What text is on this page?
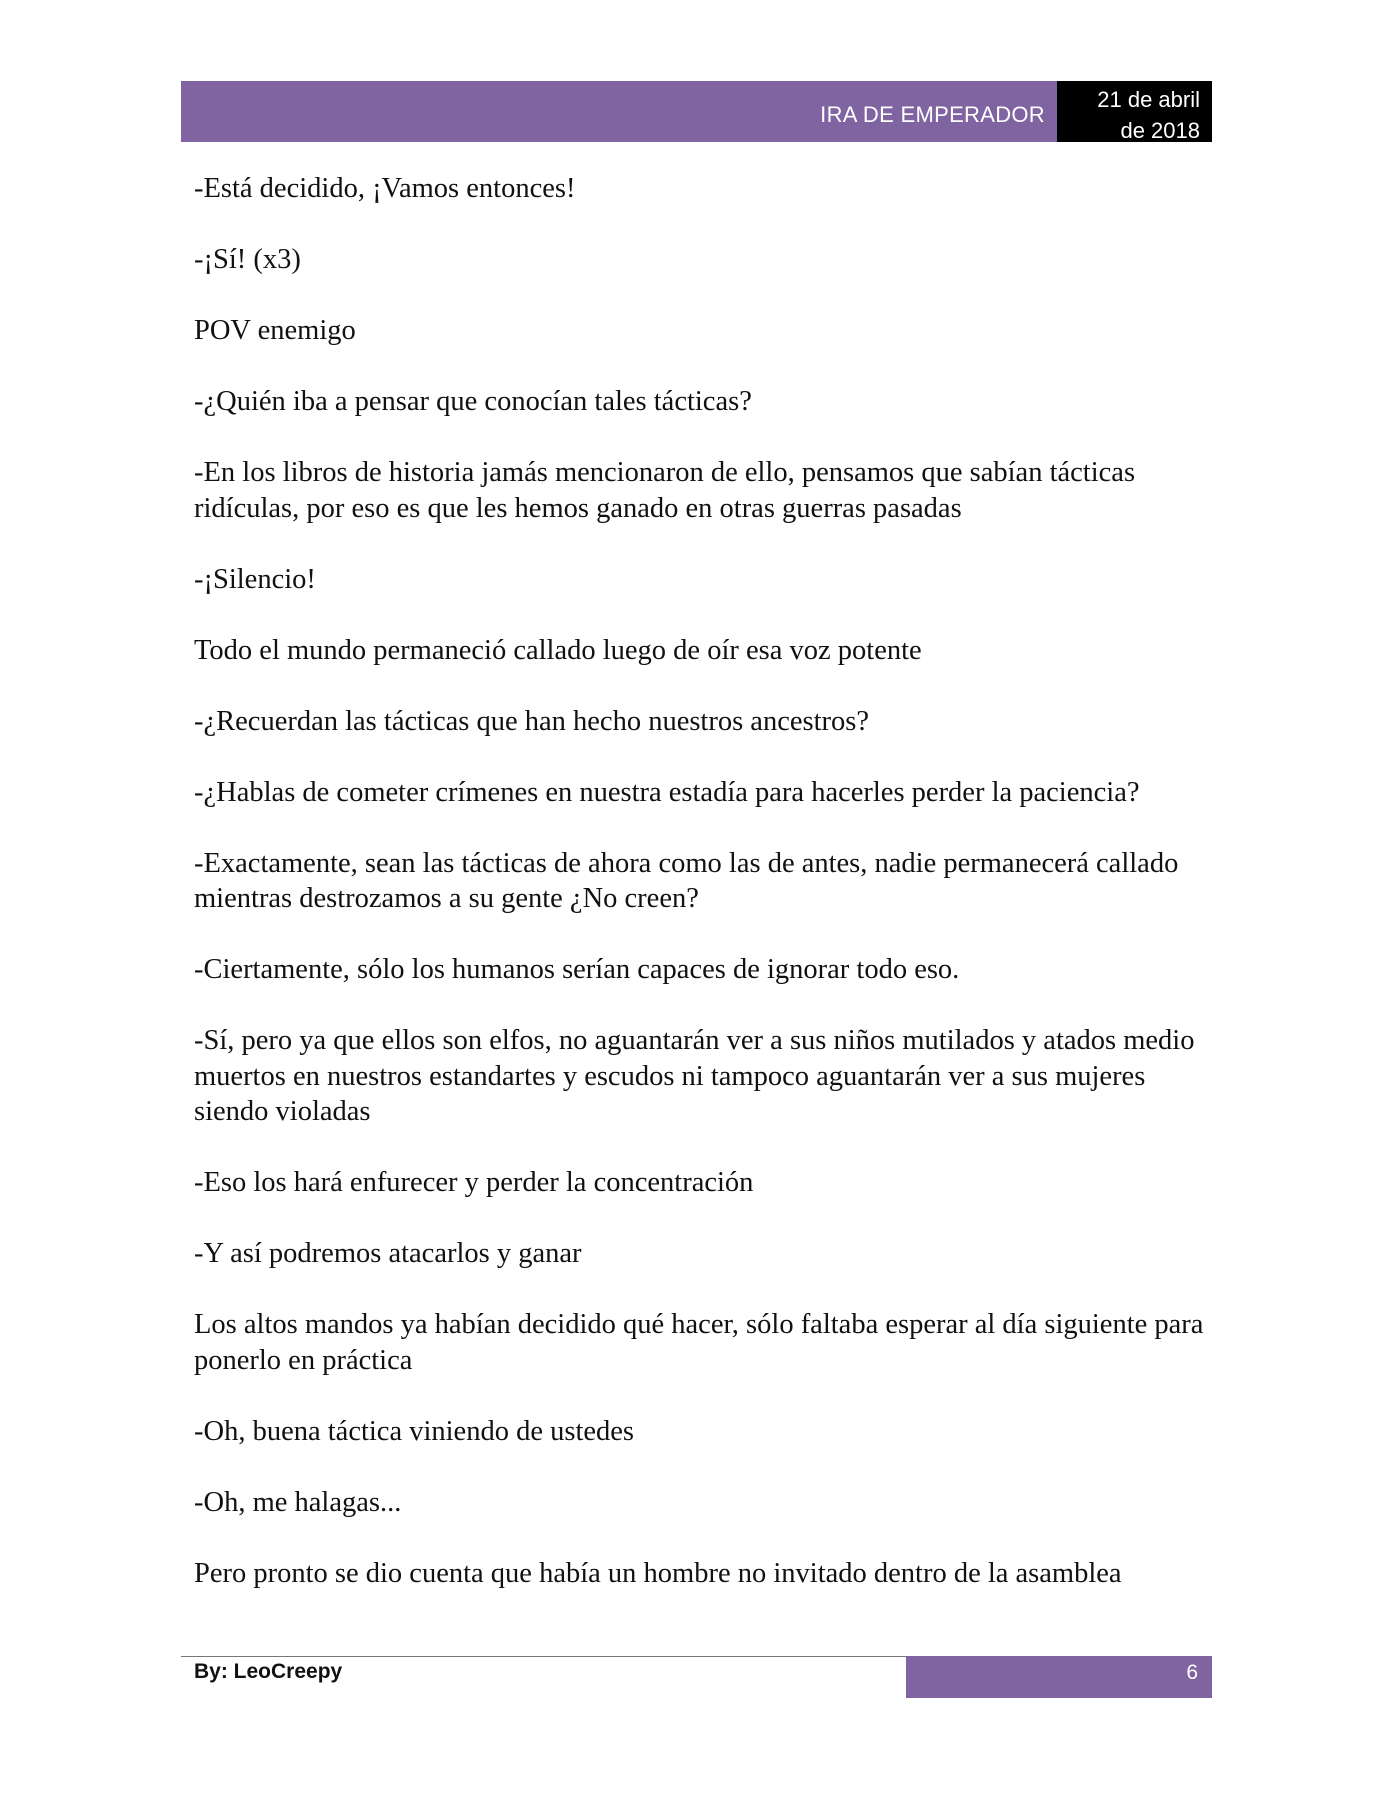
IRA DE EMPERADOR
21 de abril
de 2018

-Está decidido, ¡Vamos entonces!

-¡Sí! (x3)

POV enemigo

-¿Quién iba a pensar que conocían tales tácticas?

-En los libros de historia jamás mencionaron de ello, pensamos que sabían tácticas ridículas, por eso es que les hemos ganado en otras guerras pasadas

-¡Silencio!

Todo el mundo permaneció callado luego de oír esa voz potente

-¿Recuerdan las tácticas que han hecho nuestros ancestros?

-¿Hablas de cometer crímenes en nuestra estadía para hacerles perder la paciencia?

-Exactamente, sean las tácticas de ahora como las de antes, nadie permanecerá callado mientras destrozamos a su gente ¿No creen?

-Ciertamente, sólo los humanos serían capaces de ignorar todo eso.

-Sí, pero ya que ellos son elfos, no aguantarán ver a sus niños mutilados y atados medio muertos en nuestros estandartes y escudos ni tampoco aguantarán ver a sus mujeres siendo violadas

-Eso los hará enfurecer y perder la concentración

-Y así podremos atacarlos y ganar

Los altos mandos ya habían decidido qué hacer, sólo faltaba esperar al día siguiente para ponerlo en práctica

-Oh, buena táctica viniendo de ustedes

-Oh, me halagas...

Pero pronto se dio cuenta que había un hombre no invitado dentro de la asamblea

By: LeoCreepy	6
